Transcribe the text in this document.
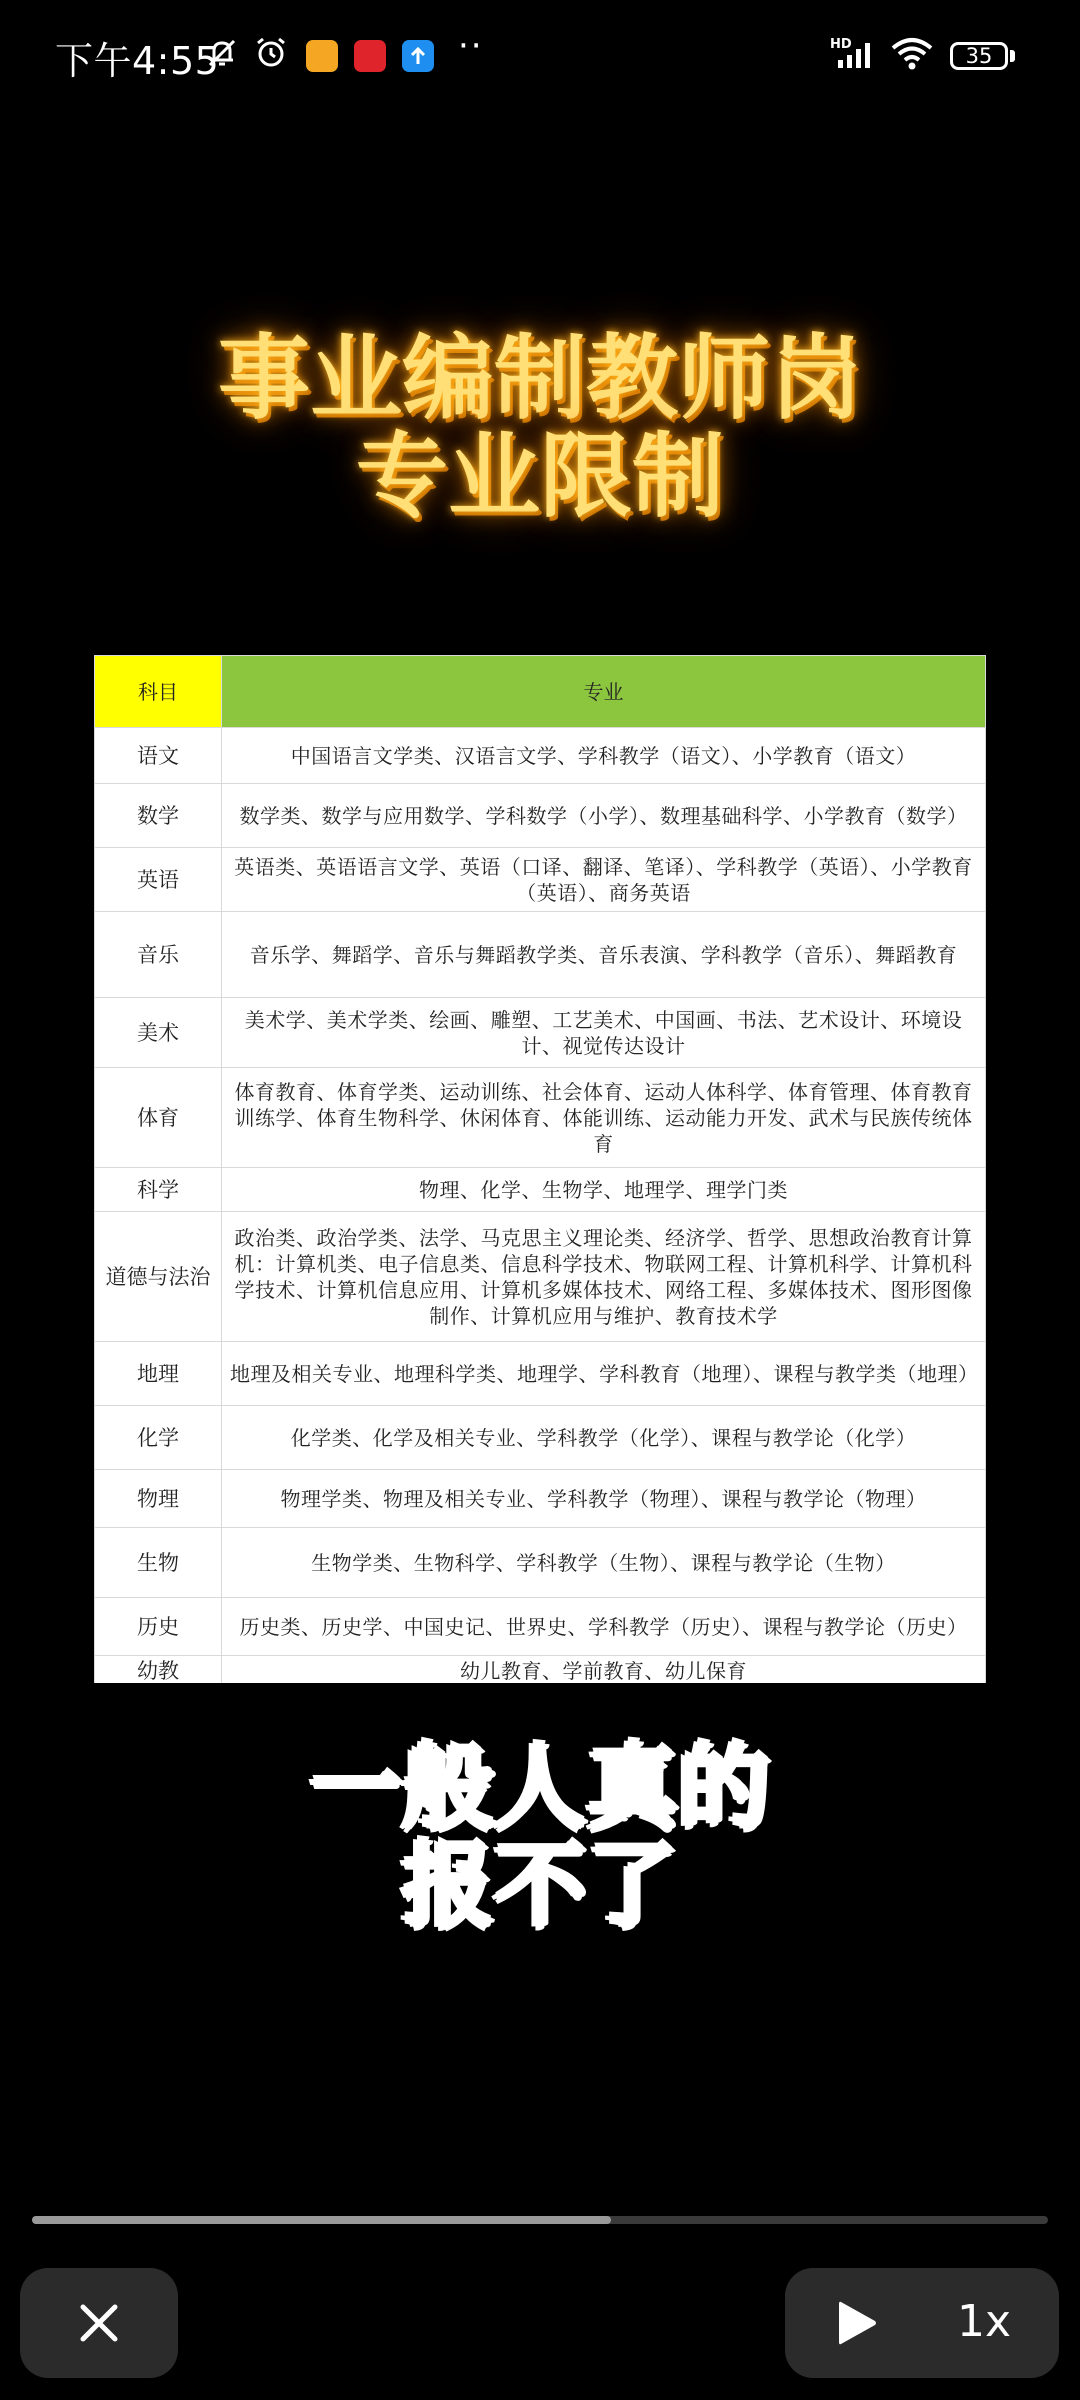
下午4:55	··	HD	35
事业编制教师岗
专业限制
科目	专业
语文	中国语言文学类、汉语言文学、学科教学（语文）、小学教育（语文）
数学	数学类、数学与应用数学、学科数学（小学）、数理基础科学、小学教育（数学）
英语	英语类、英语语言文学、英语（口译、翻译、笔译）、学科教学（英语）、小学教育（英语）、商务英语
音乐	音乐学、舞蹈学、音乐与舞蹈教学类、音乐表演、学科教学（音乐）、舞蹈教育
美术	美术学、美术学类、绘画、雕塑、工艺美术、中国画、书法、艺术设计、环境设计、视觉传达设计
体育	体育教育、体育学类、运动训练、社会体育、运动人体科学、体育管理、体育教育训练学、体育生物科学、休闲体育、体能训练、运动能力开发、武术与民族传统体育
科学	物理、化学、生物学、地理学、理学门类
道德与法治	政治类、政治学类、法学、马克思主义理论类、经济学、哲学、思想政治教育计算机：计算机类、电子信息类、信息科学技术、物联网工程、计算机科学、计算机科学技术、计算机信息应用、计算机多媒体技术、网络工程、多媒体技术、图形图像制作、计算机应用与维护、教育技术学
地理	地理及相关专业、地理科学类、地理学、学科教育（地理）、课程与教学类（地理）
化学	化学类、化学及相关专业、学科教学（化学）、课程与教学论（化学）
物理	物理学类、物理及相关专业、学科教学（物理）、课程与教学论（物理）
生物	生物学类、生物科学、学科教学（生物）、课程与教学论（生物）
历史	历史类、历史学、中国史记、世界史、学科教学（历史）、课程与教学论（历史）
幼教	幼儿教育、学前教育、幼儿保育
一般人真的
报不了
1x
